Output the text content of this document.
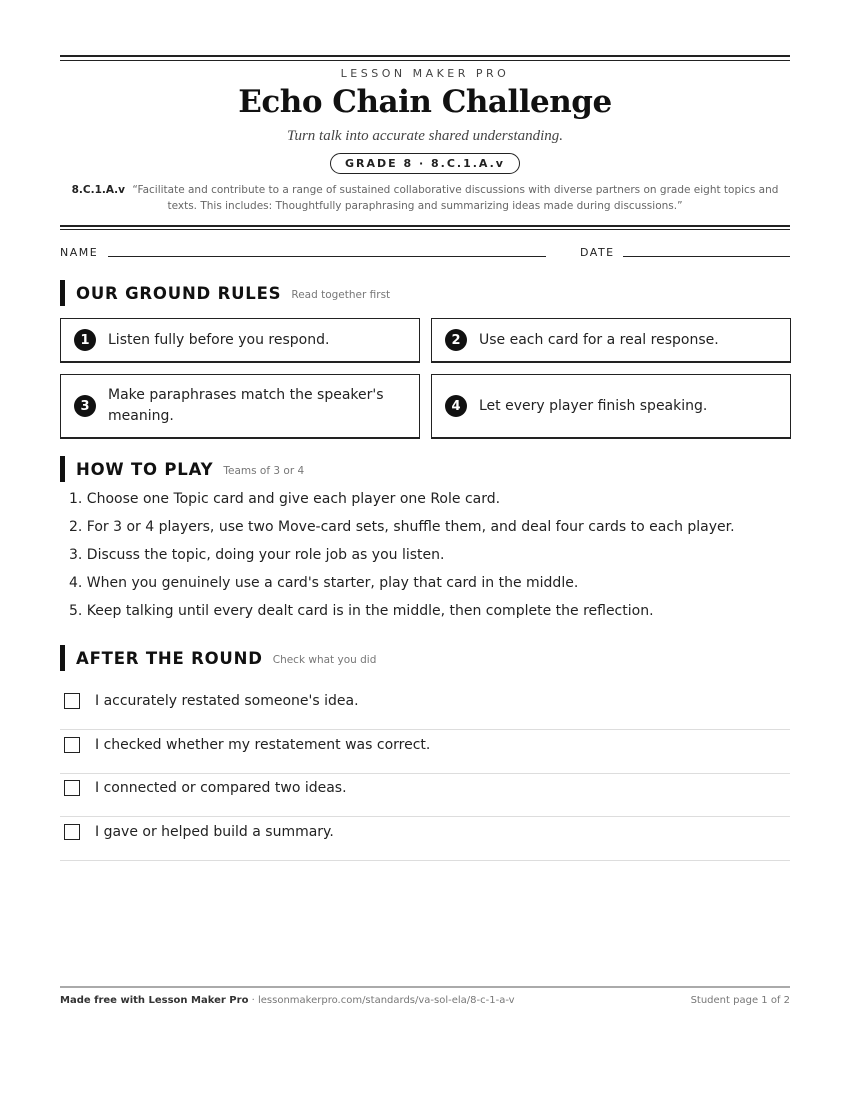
LESSON MAKER PRO
Echo Chain Challenge
Turn talk into accurate shared understanding.
GRADE 8 · 8.C.1.A.v
8.C.1.A.v “Facilitate and contribute to a range of sustained collaborative discussions with diverse partners on grade eight topics and texts. This includes: Thoughtfully paraphrasing and summarizing ideas made during discussions.”
NAME	DATE
OUR GROUND RULES Read together first
1	Listen fully before you respond.	2	Use each card for a real response.
3
Make paraphrases match the speaker's meaning.
4	Let every player finish speaking.
HOW TO PLAY Teams of 3 or 4
1. Choose one Topic card and give each player one Role card.
2. For 3 or 4 players, use two Move-card sets, shuffle them, and deal four cards to each player.
3. Discuss the topic, doing your role job as you listen.
4. When you genuinely use a card's starter, play that card in the middle.
5. Keep talking until every dealt card is in the middle, then complete the reflection.
AFTER THE ROUND Check what you did
I accurately restated someone's idea.
I checked whether my restatement was correct.
I connected or compared two ideas.
I gave or helped build a summary.
Made free with Lesson Maker Pro · lessonmakerpro.com/standards/va-sol-ela/8-c-1-a-v	Student page 1 of 2
